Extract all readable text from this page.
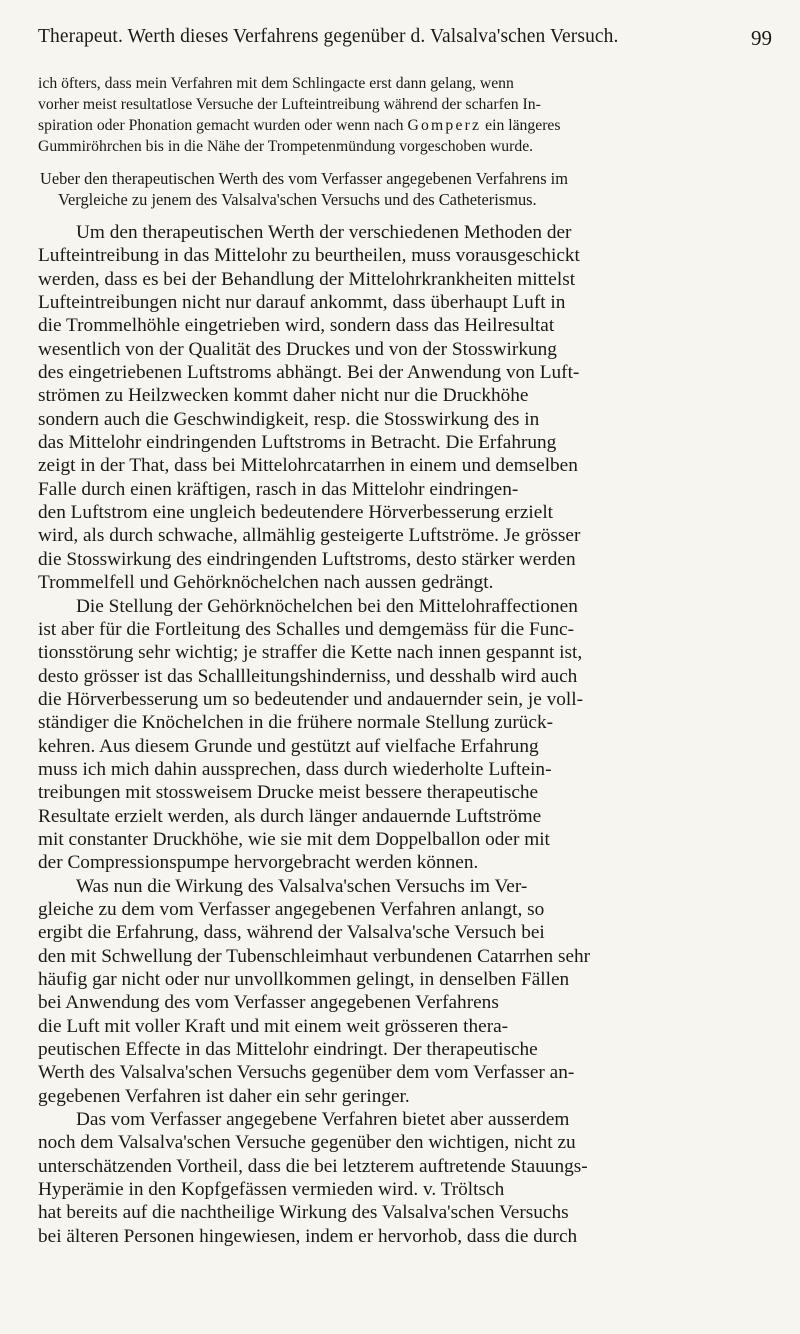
Therapeut. Werth dieses Verfahrens gegenüber d. Valsalva'schen Versuch.	99
ich öfters, dass mein Verfahren mit dem Schlingacte erst dann gelang, wenn
vorher meist resultatlose Versuche der Lufteintreibung während der scharfen In-
spiration oder Phonation gemacht wurden oder wenn nach Gomperz ein längeres
Gummiröhrchen bis in die Nähe der Trompetenmündung vorgeschoben wurde.
Ueber den therapeutischen Werth des vom Verfasser angegebenen Verfahrens im
Vergleiche zu jenem des Valsalva'schen Versuchs und des Catheterismus.
Um den therapeutischen Werth der verschiedenen Methoden der
Lufteintreibung in das Mittelohr zu beurtheilen, muss vorausgeschickt
werden, dass es bei der Behandlung der Mittelohrkrankheiten mittelst
Lufteintreibungen nicht nur darauf ankommt, dass überhaupt Luft in
die Trommelhöhle eingetrieben wird, sondern dass das Heilresultat
wesentlich von der Qualität des Druckes und von der Stosswirkung
des eingetriebenen Luftstroms abhängt. Bei der Anwendung von Luft-
strömen zu Heilzwecken kommt daher nicht nur die Druckhöhe
sondern auch die Geschwindigkeit, resp. die Stosswirkung des in
das Mittelohr eindringenden Luftstroms in Betracht. Die Erfahrung
zeigt in der That, dass bei Mittelohrcatarrhen in einem und demselben
Falle durch einen kräftigen, rasch in das Mittelohr eindringen-
den Luftstrom eine ungleich bedeutendere Hörverbesserung erzielt
wird, als durch schwache, allmählig gesteigerte Luftströme. Je grösser
die Stosswirkung des eindringenden Luftstroms, desto stärker werden
Trommelfell und Gehörknöchelchen nach aussen gedrängt.
Die Stellung der Gehörknöchelchen bei den Mittelohraffectionen
ist aber für die Fortleitung des Schalles und demgemäss für die Func-
tionsstörung sehr wichtig; je straffer die Kette nach innen gespannt ist,
desto grösser ist das Schallleitungshinderniss, und desshalb wird auch
die Hörverbesserung um so bedeutender und andauernder sein, je voll-
ständiger die Knöchelchen in die frühere normale Stellung zurück-
kehren. Aus diesem Grunde und gestützt auf vielfache Erfahrung
muss ich mich dahin aussprechen, dass durch wiederholte Luftein-
treibungen mit stossweisem Drucke meist bessere therapeutische
Resultate erzielt werden, als durch länger andauernde Luftströme
mit constanter Druckhöhe, wie sie mit dem Doppelballon oder mit
der Compressionspumpe hervorgebracht werden können.
Was nun die Wirkung des Valsalva'schen Versuchs im Ver-
gleiche zu dem vom Verfasser angegebenen Verfahren anlangt, so
ergibt die Erfahrung, dass, während der Valsalva'sche Versuch bei
den mit Schwellung der Tubenschleimhaut verbundenen Catarrhen sehr
häufig gar nicht oder nur unvollkommen gelingt, in denselben Fällen
bei Anwendung des vom Verfasser angegebenen Verfahrens
die Luft mit voller Kraft und mit einem weit grösseren thera-
peutischen Effecte in das Mittelohr eindringt. Der therapeutische
Werth des Valsalva'schen Versuchs gegenüber dem vom Verfasser an-
gegebenen Verfahren ist daher ein sehr geringer.
Das vom Verfasser angegebene Verfahren bietet aber ausserdem
noch dem Valsalva'schen Versuche gegenüber den wichtigen, nicht zu
unterschätzenden Vortheil, dass die bei letzterem auftretende Stauungs-
Hyperämie in den Kopfgefässen vermieden wird. v. Tröltsch
hat bereits auf die nachtheilige Wirkung des Valsalva'schen Versuchs
bei älteren Personen hingewiesen, indem er hervorhob, dass die durch
